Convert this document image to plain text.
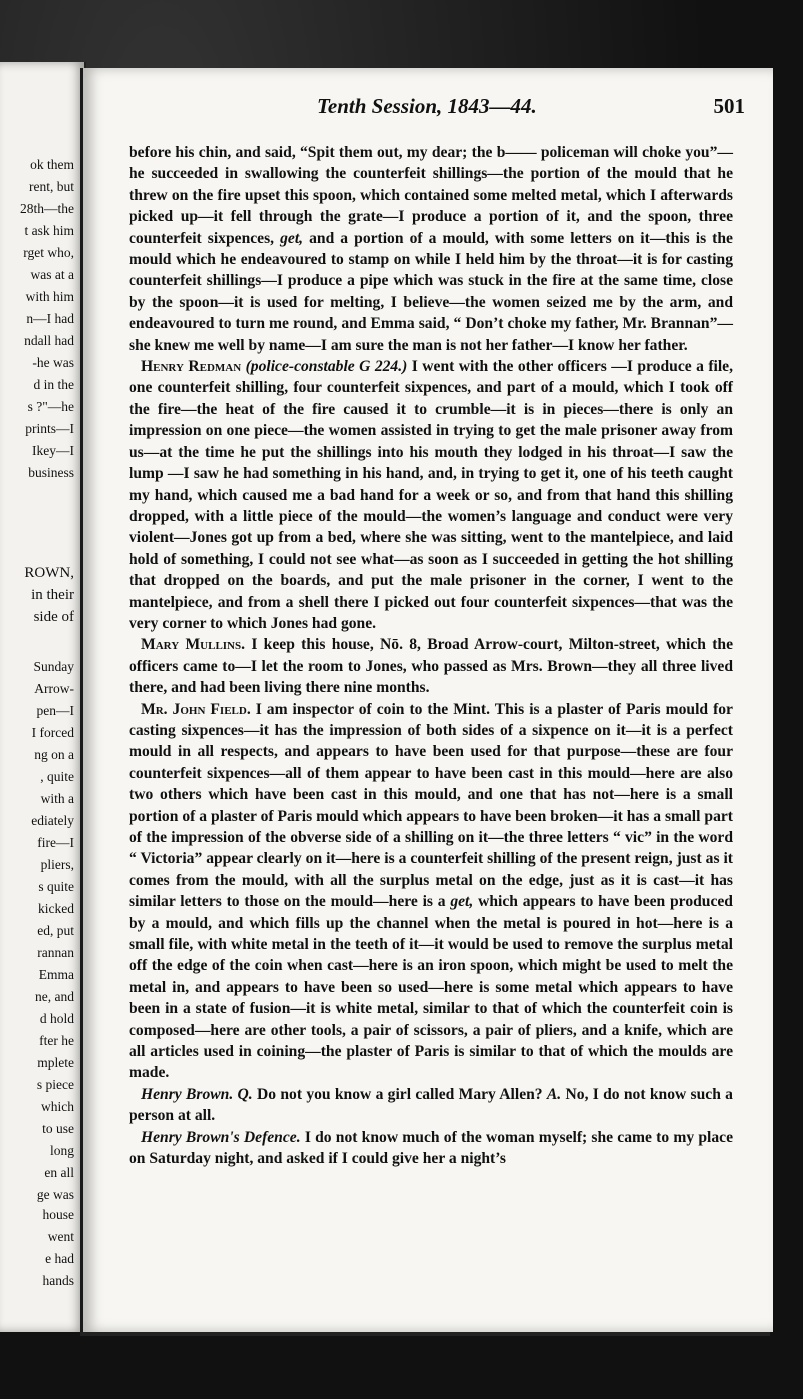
ok them
rent, but
28th—the
t ask him
rget who,
was at a
with him
n—I had
ndall had
-he was
d in the
s ?"—he
prints—I
Ikey—I
business
ROWN,
in their
side of
Sunday
Arrow-
pen—I
I forced
ng on a
, quite
with a
ediately
fire—I
pliers,
s quite
kicked
ed, put
rannan
Emma
ne, and
d hold
fter he
mplete
s piece
which
to use
long
en all
ge was
house
went
e had
hands
Tenth Session, 1843—44.	501

before his chin, and said, “Spit them out, my dear; the b—— policeman will choke you”—he succeeded in swallowing the counterfeit shillings—the portion of the mould that he threw on the fire upset this spoon, which contained some melted metal, which I afterwards picked up—it fell through the grate—I produce a portion of it, and the spoon, three counterfeit sixpences, get, and a portion of a mould, with some letters on it—this is the mould which he endeavoured to stamp on while I held him by the throat—it is for casting counterfeit shillings—I produce a pipe which was stuck in the fire at the same time, close by the spoon—it is used for melting, I believe—the women seized me by the arm, and endeavoured to turn me round, and Emma said, “ Don’t choke my father, Mr. Brannan”—she knew me well by name—I am sure the man is not her father—I know her father.

Henry Redman (police-constable G 224.) I went with the other officers —I produce a file, one counterfeit shilling, four counterfeit sixpences, and part of a mould, which I took off the fire—the heat of the fire caused it to crumble—it is in pieces—there is only an impression on one piece—the women assisted in trying to get the male prisoner away from us—at the time he put the shillings into his mouth they lodged in his throat—I saw the lump —I saw he had something in his hand, and, in trying to get it, one of his teeth caught my hand, which caused me a bad hand for a week or so, and from that hand this shilling dropped, with a little piece of the mould—the women’s language and conduct were very violent—Jones got up from a bed, where she was sitting, went to the mantelpiece, and laid hold of something, I could not see what—as soon as I succeeded in getting the hot shilling that dropped on the boards, and put the male prisoner in the corner, I went to the mantelpiece, and from a shell there I picked out four counterfeit sixpences—that was the very corner to which Jones had gone.

Mary Mullins. I keep this house, Nō. 8, Broad Arrow-court, Milton-street, which the officers came to—I let the room to Jones, who passed as Mrs. Brown—they all three lived there, and had been living there nine months.

Mr. John Field. I am inspector of coin to the Mint. This is a plaster of Paris mould for casting sixpences—it has the impression of both sides of a sixpence on it—it is a perfect mould in all respects, and appears to have been used for that purpose—these are four counterfeit sixpences—all of them appear to have been cast in this mould—here are also two others which have been cast in this mould, and one that has not—here is a small portion of a plaster of Paris mould which appears to have been broken—it has a small part of the impression of the obverse side of a shilling on it—the three letters “ vic” in the word “ Victoria” appear clearly on it—here is a counterfeit shilling of the present reign, just as it comes from the mould, with all the surplus metal on the edge, just as it is cast—it has similar letters to those on the mould—here is a get, which appears to have been produced by a mould, and which fills up the channel when the metal is poured in hot—here is a small file, with white metal in the teeth of it—it would be used to remove the surplus metal off the edge of the coin when cast—here is an iron spoon, which might be used to melt the metal in, and appears to have been so used—here is some metal which appears to have been in a state of fusion—it is white metal, similar to that of which the counterfeit coin is composed—here are other tools, a pair of scissors, a pair of pliers, and a knife, which are all articles used in coining—the plaster of Paris is similar to that of which the moulds are made.

Henry Brown. Q. Do not you know a girl called Mary Allen? A. No, I do not know such a person at all.

Henry Brown's Defence. I do not know much of the woman myself; she came to my place on Saturday night, and asked if I could give her a night’s
